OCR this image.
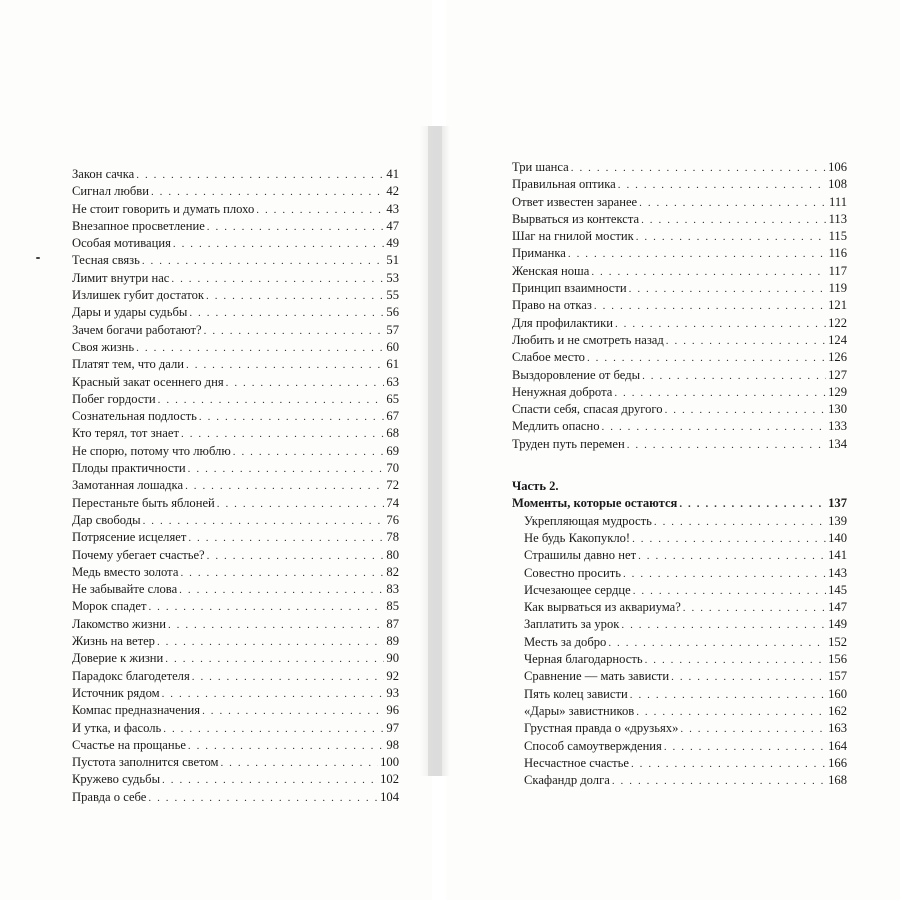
Закон сачка . . .	41
Сигнал любви . . .	42
Не стоит говорить и думать плохо . . .	43
Внезапное просветление . . .	47
Особая мотивация . . .	49
Тесная связь . . .	51
Лимит внутри нас . . .	53
Излишек губит достаток . . .	55
Дары и удары судьбы . . .	56
Зачем богачи работают? . . .	57
Своя жизнь . . .	60
Платят тем, что дали . . .	61
Красный закат осеннего дня . . .	63
Побег гордости . . .	65
Сознательная подлость . . .	67
Кто терял, тот знает . . .	68
Не спорю, потому что люблю . . .	69
Плоды практичности . . .	70
Замотанная лошадка . . .	72
Перестаньте быть яблоней . . .	74
Дар свободы . . .	76
Потрясение исцеляет . . .	78
Почему убегает счастье? . . .	80
Медь вместо золота . . .	82
Не забывайте слова . . .	83
Морок спадет . . .	85
Лакомство жизни . . .	87
Жизнь на ветер . . .	89
Доверие к жизни . . .	90
Парадокс благодетеля . . .	92
Источник рядом . . .	93
Компас предназначения . . .	96
И утка, и фасоль . . .	97
Счастье на прощанье . . .	98
Пустота заполнится светом . . .	100
Кружево судьбы . . .	102
Правда о себе . . .	104
Три шанса . . .	106
Правильная оптика . . .	108
Ответ известен заранее . . .	111
Вырваться из контекста . . .	113
Шаг на гнилой мостик . . .	115
Приманка . . .	116
Женская ноша . . .	117
Принцип взаимности . . .	119
Право на отказ . . .	121
Для профилактики . . .	122
Любить и не смотреть назад . . .	124
Слабое место . . .	126
Выздоровление от беды . . .	127
Ненужная доброта . . .	129
Спасти себя, спасая другого . . .	130
Медлить опасно . . .	133
Труден путь перемен . . .	134
Часть 2.
Моменты, которые остаются . . .	137
Укрепляющая мудрость . . .	139
Не будь Какопукло! . . .	140
Страшилы давно нет . . .	141
Совестно просить . . .	143
Исчезающее сердце . . .	145
Как вырваться из аквариума? . . .	147
Заплатить за урок . . .	149
Месть за добро . . .	152
Черная благодарность . . .	156
Сравнение — мать зависти . . .	157
Пять колец зависти . . .	160
«Дары» завистников . . .	162
Грустная правда о «друзьях» . . .	163
Способ самоутверждения . . .	164
Несчастное счастье . . .	166
Скафандр долга . . .	168
